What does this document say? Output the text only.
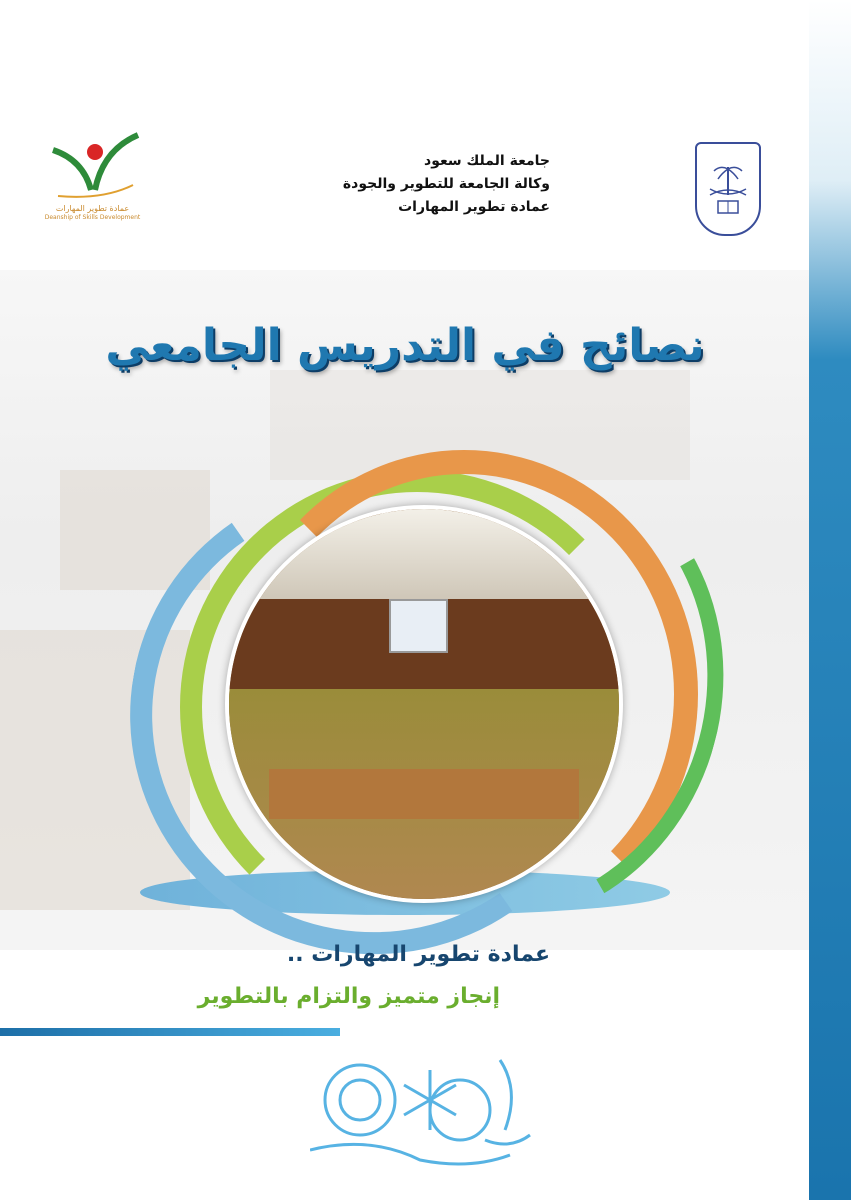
عمادة تطوير المهارات
Deanship of Skills Development
جامعة الملك سعود
وكالة الجامعة للتطوير والجودة
عمادة تطوير المهارات
نصائح في التدريس الجامعي
عمادة تطوير المهارات ..
إنجاز متميز والتزام بالتطوير
